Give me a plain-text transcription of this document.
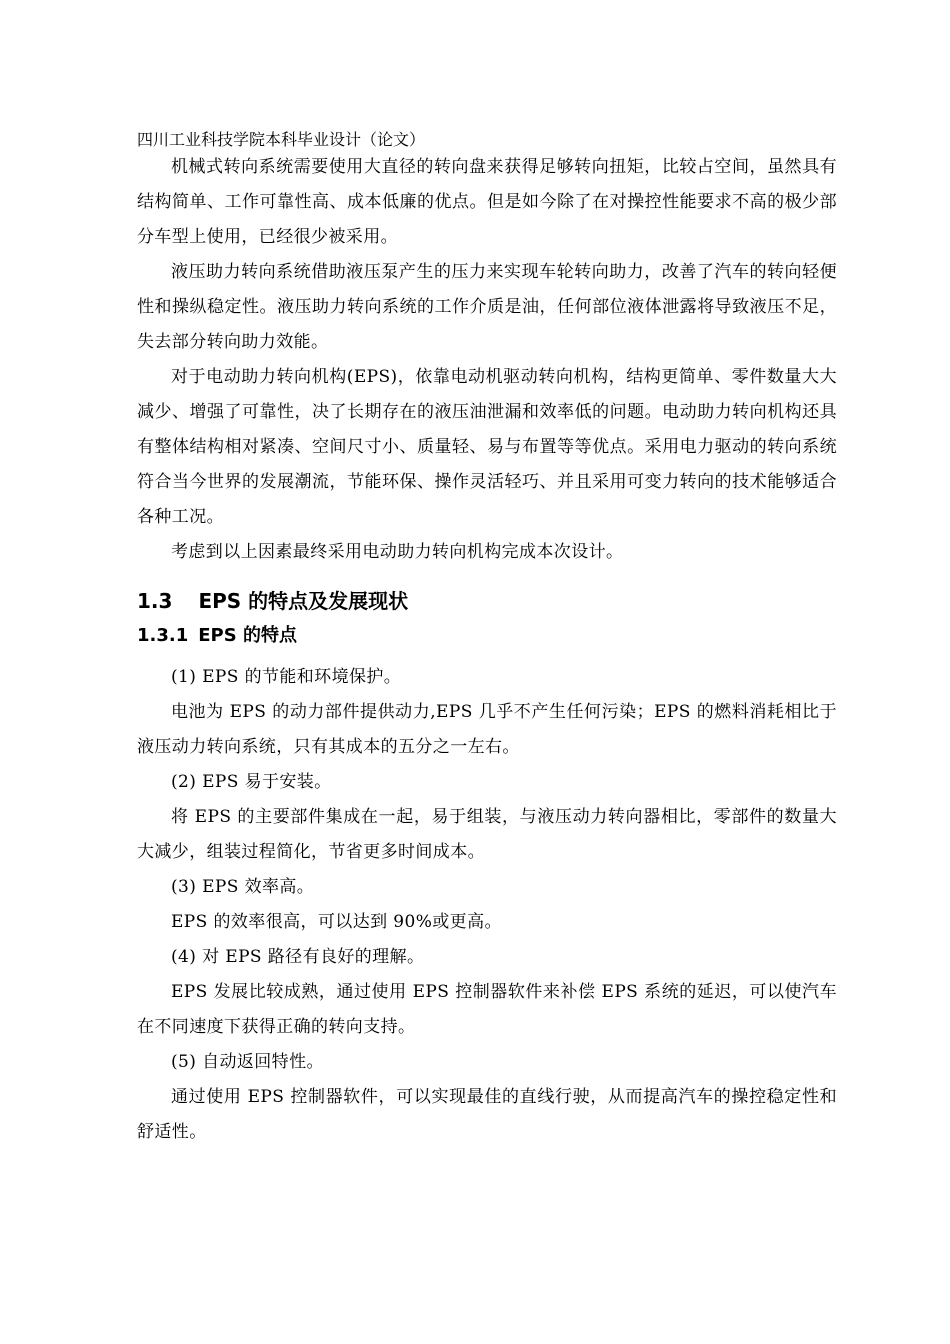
四川工业科技学院本科毕业设计（论文）

机械式转向系统需要使用大直径的转向盘来获得足够转向扭矩，比较占空间，虽然具有结构简单、工作可靠性高、成本低廉的优点。但是如今除了在对操控性能要求不高的极少部分车型上使用，已经很少被采用。

液压助力转向系统借助液压泵产生的压力来实现车轮转向助力，改善了汽车的转向轻便性和操纵稳定性。液压助力转向系统的工作介质是油，任何部位液体泄露将导致液压不足，失去部分转向助力效能。

对于电动助力转向机构(EPS)，依靠电动机驱动转向机构，结构更简单、零件数量大大减少、增强了可靠性，决了长期存在的液压油泄漏和效率低的问题。电动助力转向机构还具有整体结构相对紧凑、空间尺寸小、质量轻、易与布置等等优点。采用电力驱动的转向系统符合当今世界的发展潮流，节能环保、操作灵活轻巧、并且采用可变力转向的技术能够适合各种工况。

考虑到以上因素最终采用电动助力转向机构完成本次设计。

1.3 EPS 的特点及发展现状
1.3.1 EPS 的特点

(1) EPS 的节能和环境保护。

电池为 EPS 的动力部件提供动力,EPS 几乎不产生任何污染；EPS 的燃料消耗相比于液压动力转向系统，只有其成本的五分之一左右。

(2) EPS 易于安装。

将 EPS 的主要部件集成在一起，易于组装，与液压动力转向器相比，零部件的数量大大减少，组装过程简化，节省更多时间成本。

(3) EPS 效率高。

EPS 的效率很高，可以达到 90%或更高。

(4) 对 EPS 路径有良好的理解。

EPS 发展比较成熟，通过使用 EPS 控制器软件来补偿 EPS 系统的延迟，可以使汽车在不同速度下获得正确的转向支持。

(5) 自动返回特性。

通过使用 EPS 控制器软件，可以实现最佳的直线行驶，从而提高汽车的操控稳定性和舒适性。
